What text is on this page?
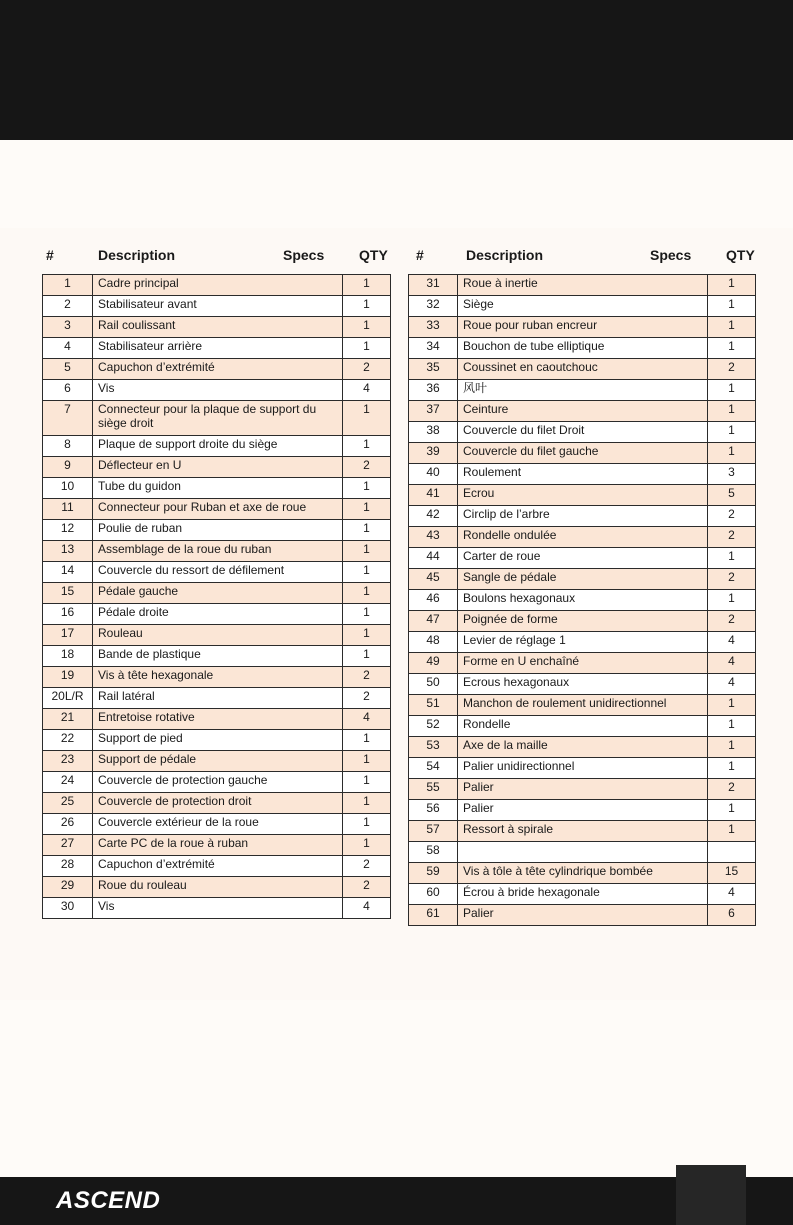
#	Description	Specs QTY
1	Cadre principal	1
2	Stabilisateur avant	1
3	Rail coulissant	1
4	Stabilisateur arrière	1
5	Capuchon d’extrémité	2
6	Vis	4
7	Connecteur pour la plaque de support du siège droit	1
8	Plaque de support droite du siège	1
9	Déflecteur en U	2
10	Tube du guidon	1
11	Connecteur pour Ruban et axe de roue	1
12	Poulie de ruban	1
13	Assemblage de la roue du ruban	1
14	Couvercle du ressort de défilement	1
15	Pédale gauche	1
16	Pédale droite	1
17	Rouleau	1
18	Bande de plastique	1
19	Vis à tête hexagonale	2
20L/R	Rail latéral	2
21	Entretoise rotative	4
22	Support de pied	1
23	Support de pédale	1
24	Couvercle de protection gauche	1
25	Couvercle de protection droit	1
26	Couvercle extérieur de la roue	1
27	Carte PC de la roue à ruban	1
28	Capuchon d’extrémité	2
29	Roue du rouleau	2
30	Vis	4
#	Description	Specs QTY
31	Roue à inertie	1
32	Siège	1
33	Roue pour ruban encreur	1
34	Bouchon de tube elliptique	1
35	Coussinet en caoutchouc	2
36	风叶	1
37	Ceinture	1
38	Couvercle du filet Droit	1
39	Couvercle du filet gauche	1
40	Roulement	3
41	Ecrou	5
42	Circlip de l’arbre	2
43	Rondelle ondulée	2
44	Carter de roue	1
45	Sangle de pédale	2
46	Boulons hexagonaux	1
47	Poignée de forme	2
48	Levier de réglage 1	4
49	Forme en U enchaîné	4
50	Ecrous hexagonaux	4
51	Manchon de roulement unidirectionnel	1
52	Rondelle	1
53	Axe de la maille	1
54	Palier unidirectionnel	1
55	Palier	2
56	Palier	1
57	Ressort à spirale	1
58		
59	Vis à tôle à tête cylindrique bombée	15
60	Écrou à bride hexagonale	4
61	Palier	6
ASCEND
